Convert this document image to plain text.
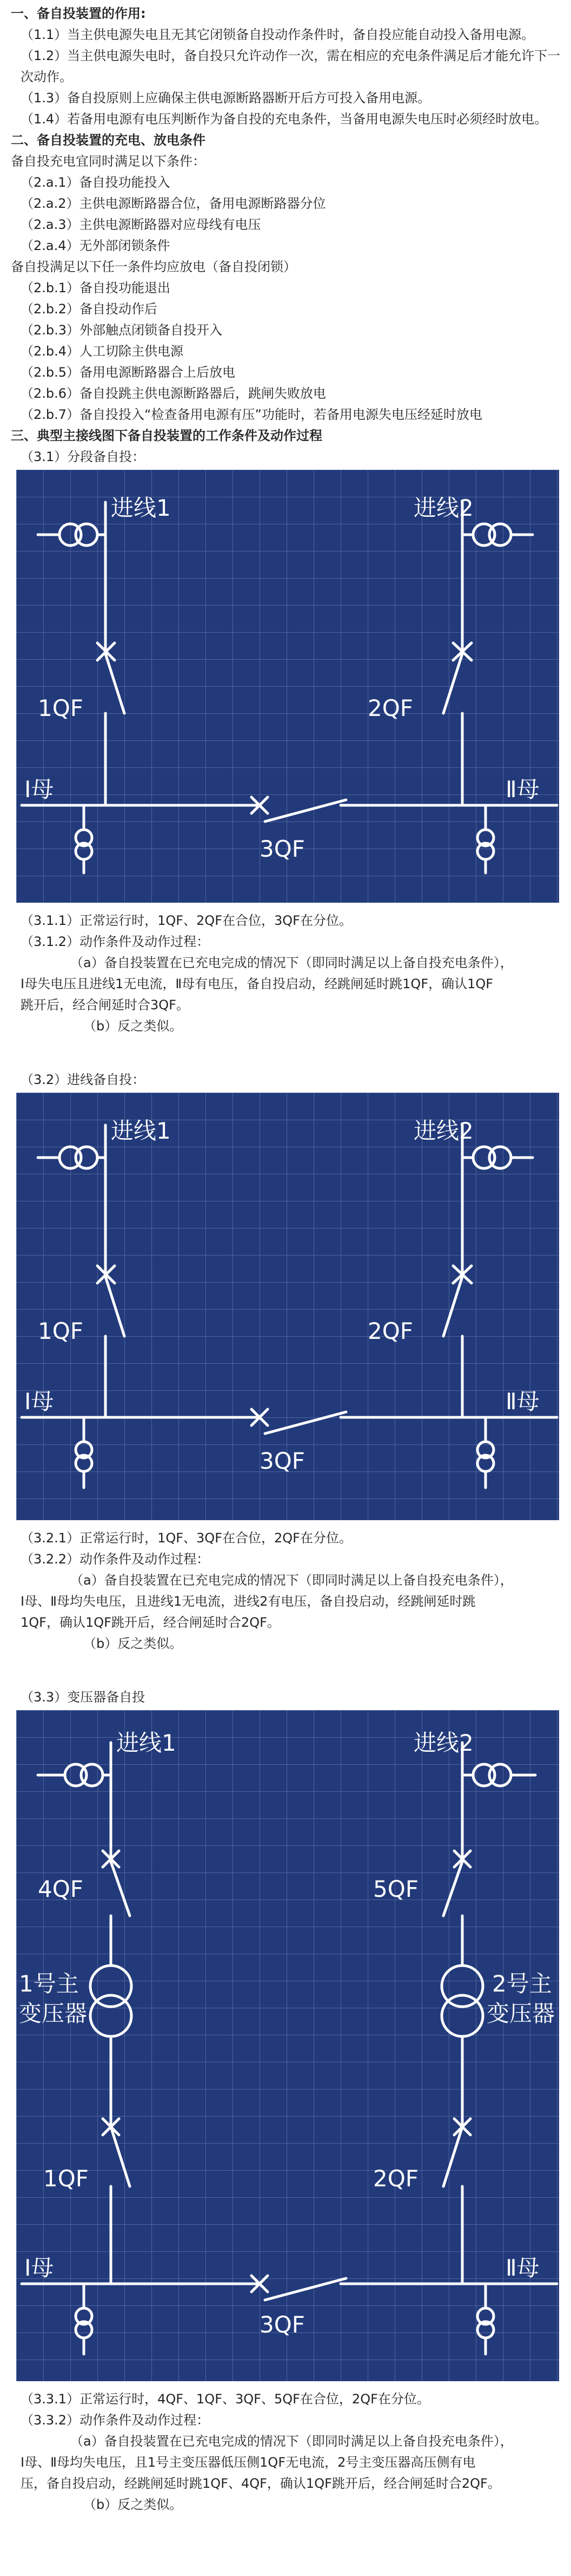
一、备自投装置的作用:

（1.1）当主供电源失电且无其它闭锁备自投动作条件时，备自投应能自动投入备用电源。

（1.2）当主供电源失电时，备自投只允许动作一次，需在相应的充电条件满足后才能允许下一次动作。

（1.3）备自投原则上应确保主供电源断路器断开后方可投入备用电源。

（1.4）若备用电源有电压判断作为备自投的充电条件，当备用电源失电压时必须经时放电。

二、备自投装置的充电、放电条件

备自投充电宜同时满足以下条件：

（2.a.1）备自投功能投入

（2.a.2）主供电源断路器合位，备用电源断路器分位

（2.a.3）主供电源断路器对应母线有电压

（2.a.4）无外部闭锁条件

备自投满足以下任一条件均应放电（备自投闭锁）

（2.b.1）备自投功能退出

（2.b.2）备自投动作后

（2.b.3）外部触点闭锁备自投开入

（2.b.4）人工切除主供电源

（2.b.5）备用电源断路器合上后放电

（2.b.6）备自投跳主供电源断路器后，跳闸失败放电

（2.b.7）备自投投入“检查备用电源有压”功能时，若备用电源失电压经延时放电

三、典型主接线图下备自投装置的工作条件及动作过程

（3.1）分段备自投：

进线1	进线2
1QF	2QF
3QF
Ⅰ母	Ⅱ母

（3.1.1）正常运行时，1QF、2QF在合位，3QF在分位。

（3.1.2）动作条件及动作过程：

（a）备自投装置在已充电完成的情况下（即同时满足以上备自投充电条件），

Ⅰ母失电压且进线1无电流，Ⅱ母有电压，备自投启动，经跳闸延时跳1QF，确认1QF

跳开后，经合闸延时合3QF。

（b）反之类似。

（3.2）进线备自投：

进线1	进线2
1QF	2QF
3QF
Ⅰ母	Ⅱ母

（3.2.1）正常运行时，1QF、3QF在合位，2QF在分位。

（3.2.2）动作条件及动作过程：

（a）备自投装置在已充电完成的情况下（即同时满足以上备自投充电条件），

Ⅰ母、Ⅱ母均失电压，且进线1无电流，进线2有电压，备自投启动，经跳闸延时跳

1QF，确认1QF跳开后，经合闸延时合2QF。

（b）反之类似。

（3.3）变压器备自投

进线1	进线2
4QF	5QF
1号主
变压器
2号主
变压器
1QF	2QF
3QF
Ⅰ母	Ⅱ母

（3.3.1）正常运行时，4QF、1QF、3QF、5QF在合位，2QF在分位。

（3.3.2）动作条件及动作过程：

（a）备自投装置在已充电完成的情况下（即同时满足以上备自投充电条件），

Ⅰ母、Ⅱ母均失电压，且1号主变压器低压侧1QF无电流，2号主变压器高压侧有电

压，备自投启动，经跳闸延时跳1QF、4QF，确认1QF跳开后，经合闸延时合2QF。

（b）反之类似。
